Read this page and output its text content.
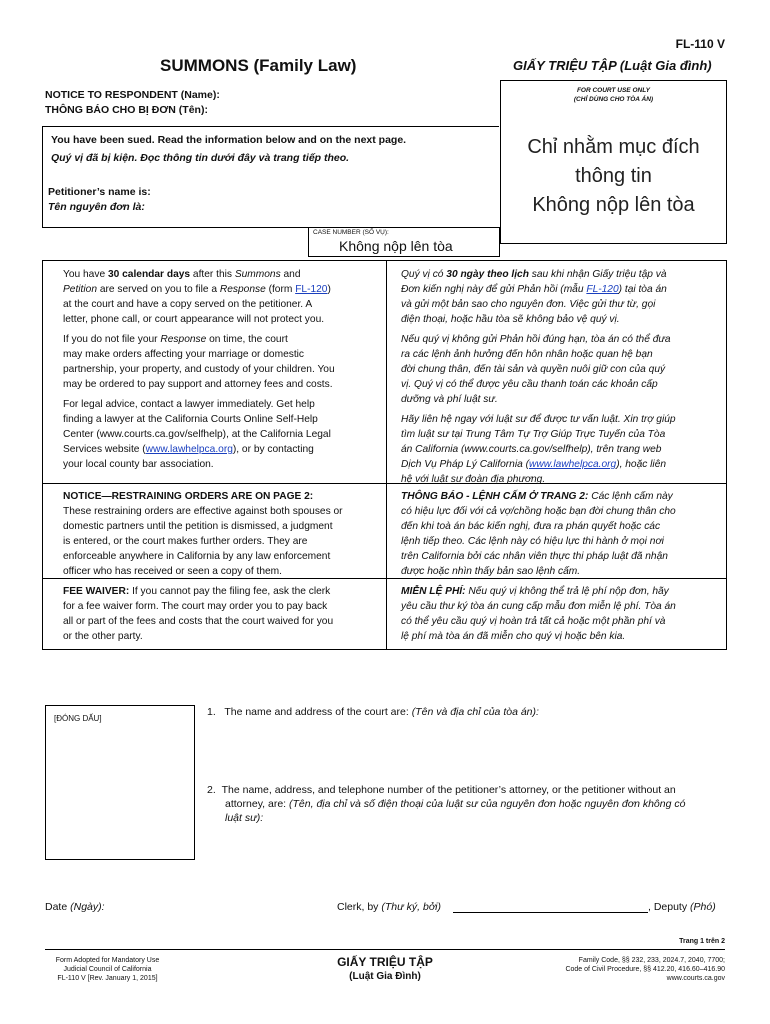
FL-110 V
SUMMONS (Family Law)	GIẤY TRIỆU TẬP (Luật Gia đình)
NOTICE TO RESPONDENT (Name):
THÔNG BÁO CHO BỊ ĐƠN (Tên):
FOR COURT USE ONLY
(CHỈ DÙNG CHO TÒA ÁN)
Chỉ nhằm mục đích
thông tin
Không nộp lên tòa
You have been sued. Read the information below and on the next page.
Quý vị đã bị kiện. Đọc thông tin dưới đây và trang tiếp theo.
Petitioner’s name is:
Tên nguyên đơn là:
CASE NUMBER (SỐ VỤ):
Không nộp lên tòa
You have 30 calendar days after this Summons and
Petition are served on you to file a Response (form FL-120)
at the court and have a copy served on the petitioner. A
letter, phone call, or court appearance will not protect you.
If you do not file your Response on time, the court
may make orders affecting your marriage or domestic
partnership, your property, and custody of your children. You
may be ordered to pay support and attorney fees and costs.
For legal advice, contact a lawyer immediately. Get help
finding a lawyer at the California Courts Online Self-Help
Center (www.courts.ca.gov/selfhelp), at the California Legal
Services website (www.lawhelpca.org), or by contacting
your local county bar association.
Quý vị có 30 ngày theo lịch sau khi nhận Giấy triệu tập và
Đơn kiến nghị này để gửi Phản hồi (mẫu FL-120) tại tòa án
và gửi một bản sao cho nguyên đơn. Việc gửi thư từ, gọi
điện thoại, hoặc hầu tòa sẽ không bảo vệ quý vị.
Nếu quý vị không gửi Phản hồi đúng hạn, tòa án có thể đưa
ra các lệnh ảnh hưởng đến hôn nhân hoặc quan hệ bạn
đời chung thân, đến tài sản và quyền nuôi giữ con của quý
vị. Quý vị có thể được yêu cầu thanh toán các khoản cấp
dưỡng và phí luật sư.
Hãy liên hệ ngay với luật sư để được tư vấn luật. Xin trợ giúp
tìm luật sư tại Trung Tâm Tự Trợ Giúp Trực Tuyến của Tòa
án California (www.courts.ca.gov/selfhelp), trên trang web
Dịch Vụ Pháp Lý California (www.lawhelpca.org), hoặc liên
hệ với luật sư đoàn địa phương.
NOTICE—RESTRAINING ORDERS ARE ON PAGE 2:
These restraining orders are effective against both spouses or
domestic partners until the petition is dismissed, a judgment
is entered, or the court makes further orders. They are
enforceable anywhere in California by any law enforcement
officer who has received or seen a copy of them.
THÔNG BÁO - LỆNH CẤM Ở TRANG 2: Các lệnh cấm này
có hiệu lực đối với cả vợ/chồng hoặc bạn đời chung thân cho
đến khi toà án bác kiến nghị, đưa ra phán quyết hoặc các
lệnh tiếp theo. Các lệnh này có hiệu lực thi hành ở mọi nơi
trên California bởi các nhân viên thực thi pháp luật đã nhận
được hoặc nhìn thấy bản sao lệnh cấm.
FEE WAIVER: If you cannot pay the filing fee, ask the clerk
for a fee waiver form. The court may order you to pay back
all or part of the fees and costs that the court waived for you
or the other party.
MIỄN LỆ PHÍ: Nếu quý vị không thể trả lệ phí nộp đơn, hãy
yêu cầu thư ký tòa án cung cấp mẫu đơn miễn lệ phí. Tòa án
có thể yêu cầu quý vị hoàn trả tất cả hoặc một phần phí và
lệ phí mà tòa án đã miễn cho quý vị hoặc bên kia.
[ĐÓNG DẤU]
1. The name and address of the court are: (Tên và địa chỉ của tòa án):
2. The name, address, and telephone number of the petitioner’s attorney, or the petitioner without an
attorney, are: (Tên, địa chỉ và số điện thoại của luật sư của nguyên đơn hoặc nguyên đơn không có
luật sư):
Date (Ngày):	Clerk, by (Thư ký, bởi)	, Deputy (Phó)
Trang 1 trên 2
Form Adopted for Mandatory Use
Judicial Council of California
FL-110 V [Rev. January 1, 2015]
GIẤY TRIỆU TẬP
(Luật Gia Đình)
Family Code, §§ 232, 233, 2024.7, 2040, 7700;
Code of Civil Procedure, §§ 412.20, 416.60–416.90
www.courts.ca.gov
